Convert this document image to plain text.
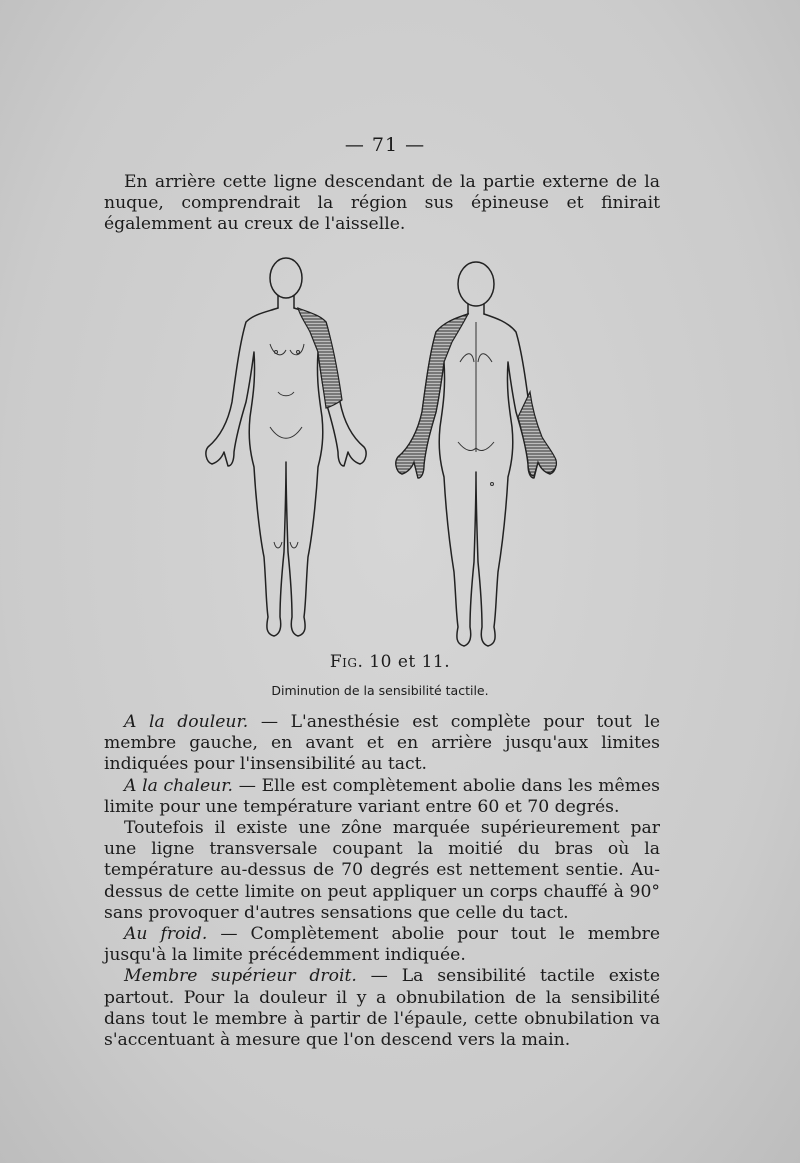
— 71 —
En arrière cette ligne descendant de la partie externe de la nuque, comprendrait la région sus épineuse et finirait égalemment au creux de l'aisselle.
Fig. 10 et 11.
Diminution de la sensibilité tactile.

A la douleur. — L'anesthésie est complète pour tout le membre gauche, en avant et en arrière jusqu'aux limites indiquées pour l'insensibilité au tact.

A la chaleur. — Elle est complètement abolie dans les mêmes limite pour une température variant entre 60 et 70 degrés.

Toutefois il existe une zône marquée supérieurement par une ligne transversale coupant la moitié du bras où la température au-dessus de 70 degrés est nettement sentie. Au-dessus de cette limite on peut appliquer un corps chauffé à 90° sans provoquer d'autres sensations que celle du tact.

Au froid. — Complètement abolie pour tout le membre jusqu'à la limite précédemment indiquée.

Membre supérieur droit. — La sensibilité tactile existe partout. Pour la douleur il y a obnubilation de la sensibilité dans tout le membre à partir de l'épaule, cette obnubilation va s'accentuant à mesure que l'on descend vers la main.
